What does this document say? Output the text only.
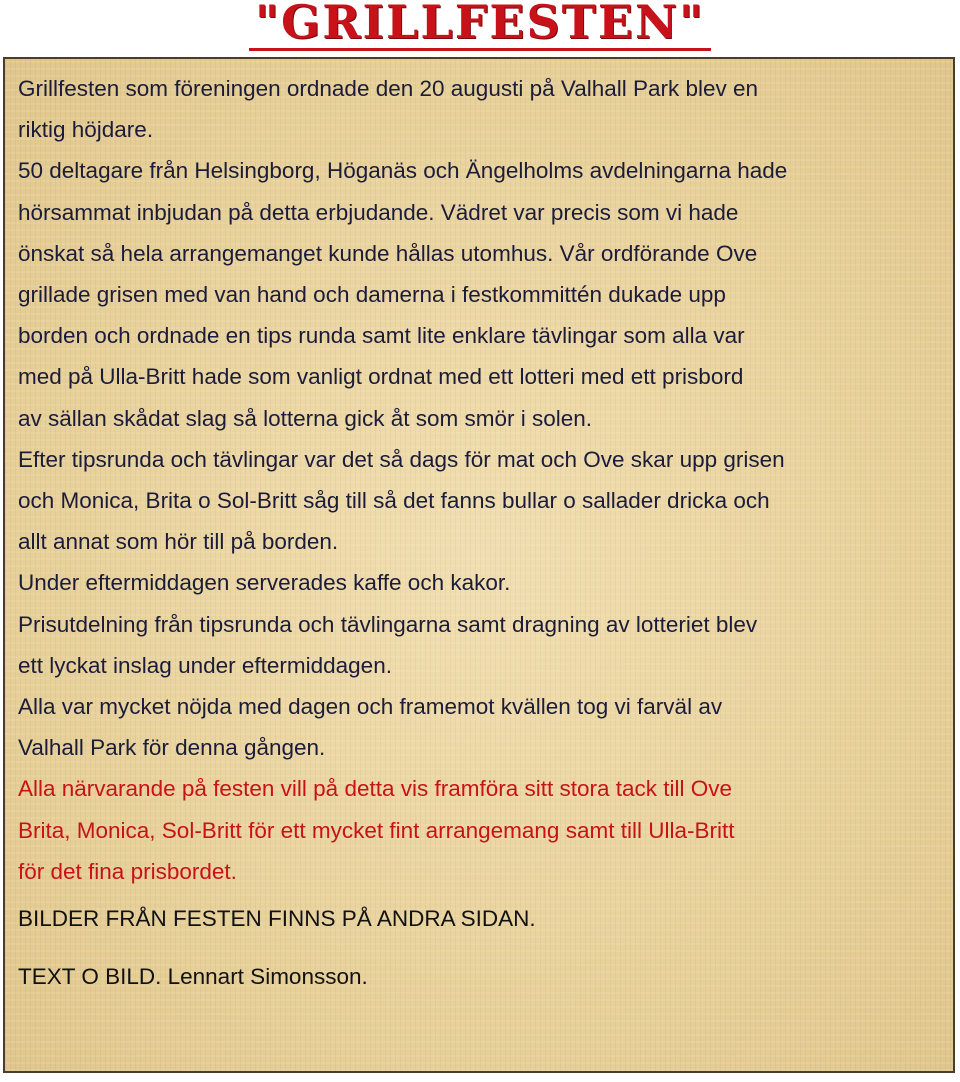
"GRILLFESTEN"

Grillfesten som föreningen ordnade den 20 augusti på Valhall Park blev en

riktig höjdare.

50 deltagare från Helsingborg, Höganäs och Ängelholms avdelningarna hade

hörsammat inbjudan på detta erbjudande. Vädret var precis som vi hade

önskat så hela arrangemanget kunde hållas utomhus. Vår ordförande Ove

grillade grisen med van hand och damerna i festkommittén dukade upp

borden och ordnade en tips runda samt lite enklare tävlingar som alla var

med på Ulla-Britt hade som vanligt ordnat med ett lotteri med ett prisbord

av sällan skådat slag så lotterna gick åt som smör i solen.

Efter tipsrunda och tävlingar var det så dags för mat och Ove skar upp grisen

och Monica, Brita o Sol-Britt såg till så det fanns bullar o sallader dricka och

allt annat som hör till på borden.

Under eftermiddagen serverades kaffe och kakor.

Prisutdelning från tipsrunda och tävlingarna samt dragning av lotteriet blev

ett lyckat inslag under eftermiddagen.

Alla var mycket nöjda med dagen och framemot kvällen tog vi farväl av

Valhall Park för denna gången.

Alla närvarande på festen vill på detta vis framföra sitt stora tack till Ove

Brita, Monica, Sol-Britt för ett mycket fint arrangemang samt till Ulla-Britt

för det fina prisbordet.

BILDER FRÅN FESTEN FINNS PÅ ANDRA SIDAN.

TEXT O BILD. Lennart Simonsson.
